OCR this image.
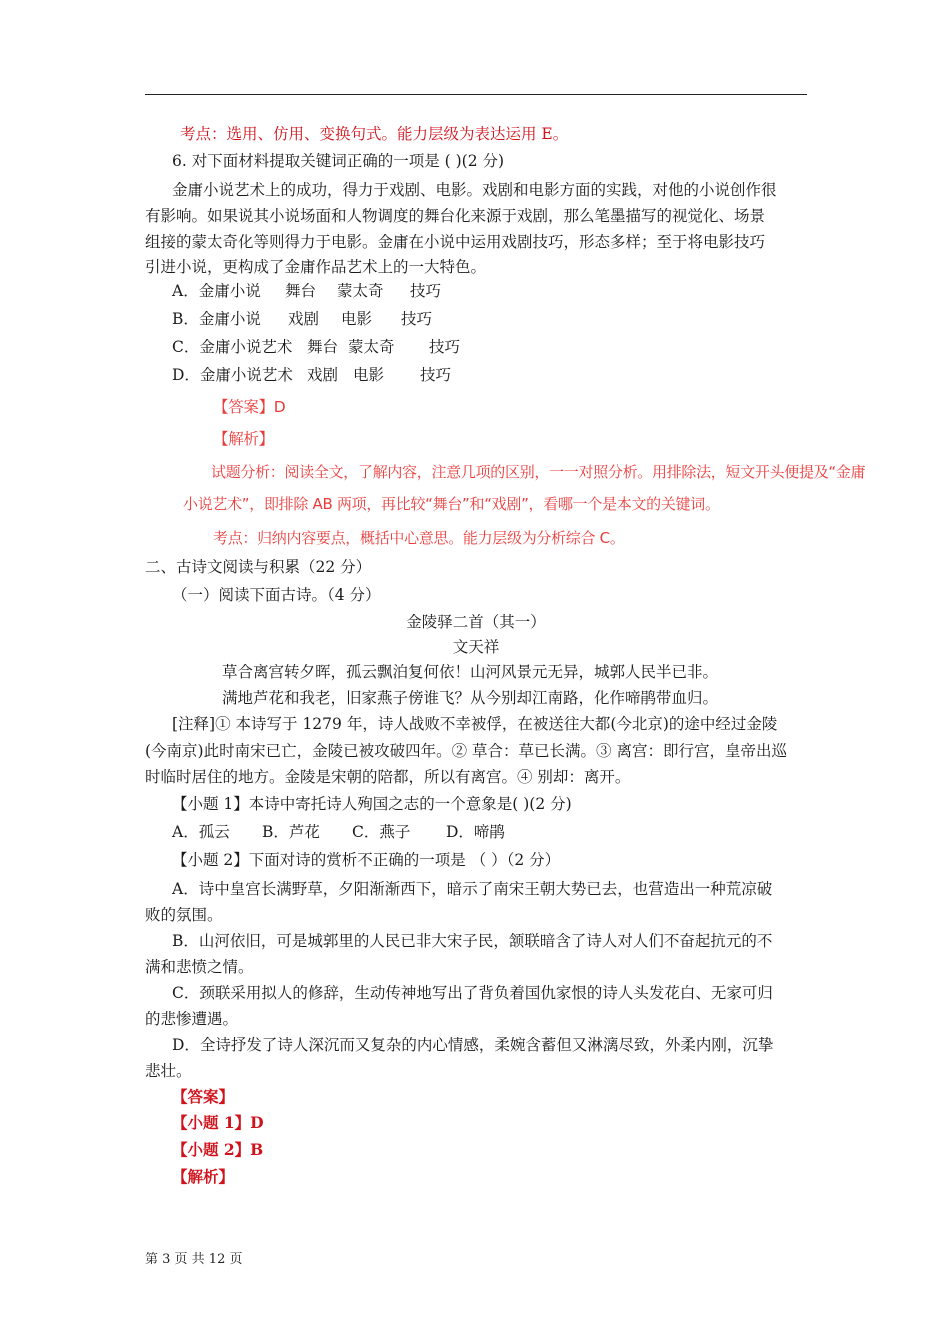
考点：选用、仿用、变换句式。能力层级为表达运用 E。
6. 对下面材料提取关键词正确的一项是 ( )(2 分)
金庸小说艺术上的成功，得力于戏剧、电影。戏剧和电影方面的实践，对他的小说创作很
有影响。如果说其小说场面和人物调度的舞台化来源于戏剧，那么笔墨描写的视觉化、场景
组接的蒙太奇化等则得力于电影。金庸在小说中运用戏剧技巧，形态多样；至于将电影技巧
引进小说，更构成了金庸作品艺术上的一大特色。
A．金庸小说 舞台 蒙太奇 技巧
B．金庸小说 戏剧 电影 技巧
C．金庸小说艺术 舞台 蒙太奇 技巧
D．金庸小说艺术 戏剧 电影 技巧
【答案】D
【解析】
试题分析：阅读全文，了解内容，注意几项的区别，一一对照分析。用排除法，短文开头便提及“金庸
小说艺术”，即排除 AB 两项，再比较“舞台”和“戏剧”，看哪一个是本文的关键词。
考点：归纳内容要点，概括中心意思。能力层级为分析综合 C。
二、古诗文阅读与积累（22 分）
（一）阅读下面古诗。（4 分）
金陵驿二首（其一）
文天祥
草合离宫转夕晖，孤云飘泊复何依！山河风景元无异，城郭人民半已非。
满地芦花和我老，旧家燕子傍谁飞？从今别却江南路，化作啼鹃带血归。
[注释]① 本诗写于 1279 年，诗人战败不幸被俘，在被送往大都(今北京)的途中经过金陵
(今南京)此时南宋已亡，金陵已被攻破四年。② 草合：草已长满。③ 离宫：即行宫，皇帝出巡
时临时居住的地方。金陵是宋朝的陪都，所以有离宫。④ 别却：离开。
【小题 1】本诗中寄托诗人殉国之志的一个意象是( )(2 分)
A．孤云 B．芦花 C．燕子 D．啼鹃
【小题 2】下面对诗的赏析不正确的一项是 （ ）（2 分）
A．诗中皇宫长满野草，夕阳渐渐西下，暗示了南宋王朝大势已去，也营造出一种荒凉破
败的氛围。
B．山河依旧，可是城郭里的人民已非大宋子民，颔联暗含了诗人对人们不奋起抗元的不
满和悲愤之情。
C．颈联采用拟人的修辞，生动传神地写出了背负着国仇家恨的诗人头发花白、无家可归
的悲惨遭遇。
D．全诗抒发了诗人深沉而又复杂的内心情感，柔婉含蓄但又淋漓尽致，外柔内刚，沉挚
悲壮。
【答案】
【小题 1】D
【小题 2】B
【解析】
第 3 页 共 12 页
